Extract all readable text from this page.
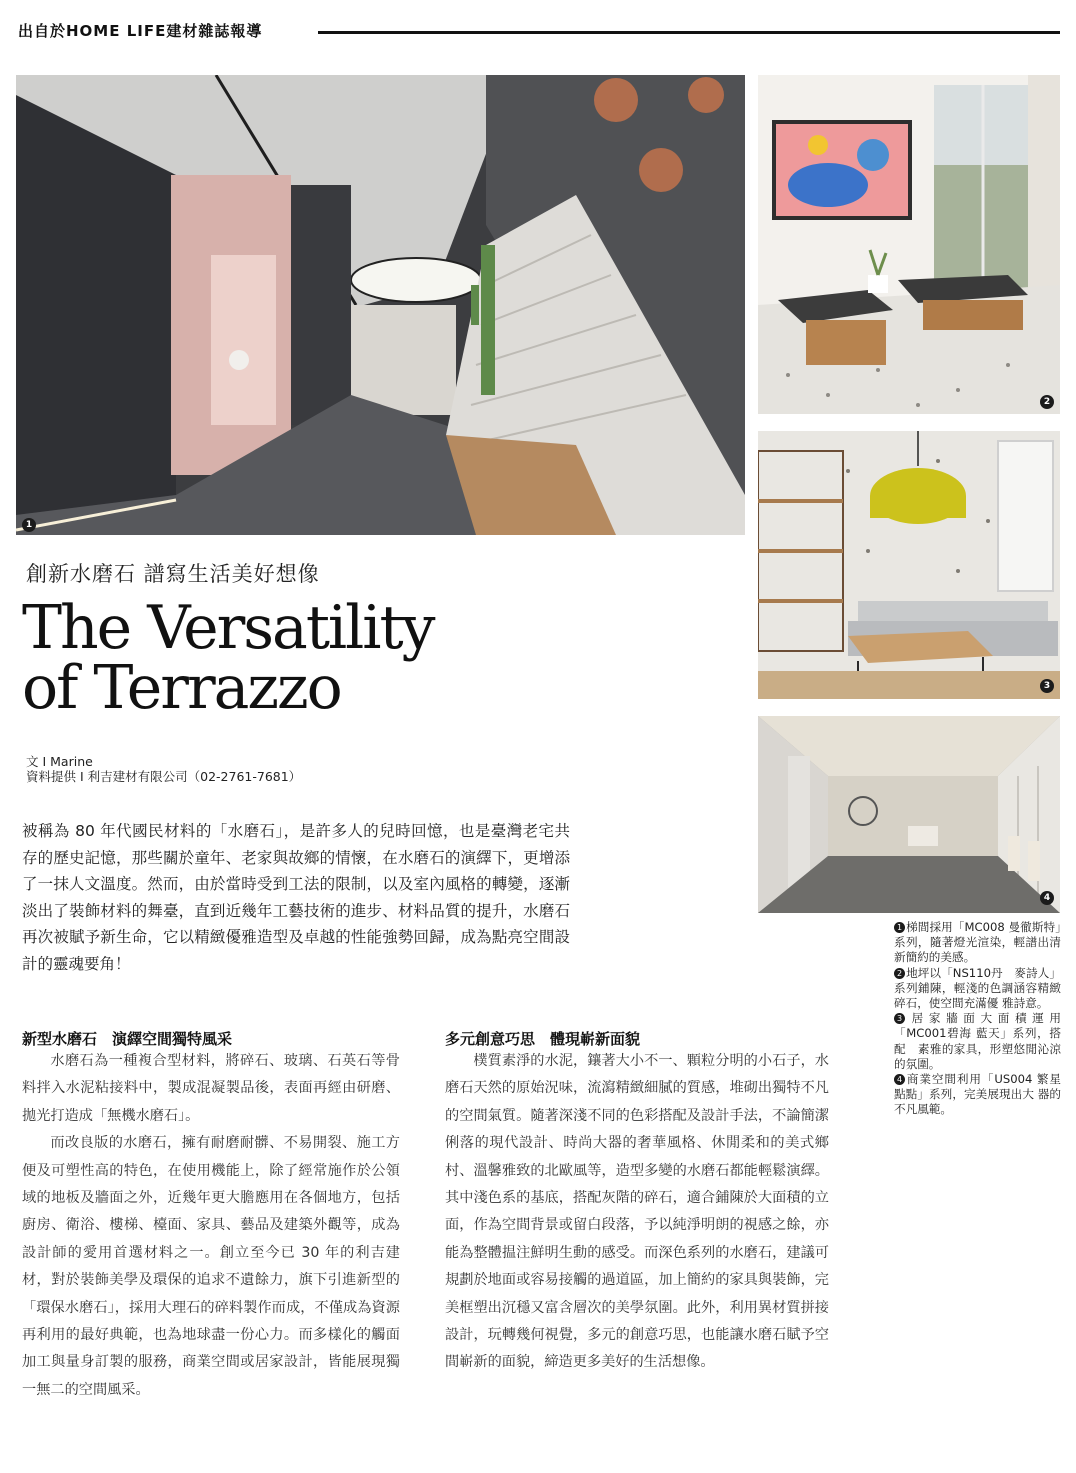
出自於HOME LIFE建材雜誌報導
1
2
3
4
創新水磨石 譜寫生活美好想像
The Versatility
of Terrazzo
文 I Marine
資料提供 I 利吉建材有限公司（02-2761-7681）
被稱為 80 年代國民材料的「水磨石」，是許多人的兒時回憶，也是臺灣老宅共存的歷史記憶，那些關於童年、老家與故鄉的情懷，在水磨石的演繹下，更增添了一抹人文溫度。然而，由於當時受到工法的限制，以及室內風格的轉變，逐漸淡出了裝飾材料的舞臺，直到近幾年工藝技術的進步、材料品質的提升，水磨石再次被賦予新生命，它以精緻優雅造型及卓越的性能強勢回歸，成為點亮空間設計的靈魂要角！
新型水磨石　演繹空間獨特風采

水磨石為一種複合型材料，將碎石、玻璃、石英石等骨料拌入水泥粘接料中，製成混凝製品後，表面再經由研磨、拋光打造成「無機水磨石」。

而改良版的水磨石，擁有耐磨耐髒、不易開裂、施工方便及可塑性高的特色，在使用機能上，除了經常施作於公領域的地板及牆面之外，近幾年更大膽應用在各個地方，包括廚房、衛浴、樓梯、檯面、家具、藝品及建築外觀等，成為設計師的愛用首選材料之一。創立至今已 30 年的利吉建材，對於裝飾美學及環保的追求不遺餘力，旗下引進新型的「環保水磨石」，採用大理石的碎料製作而成，不僅成為資源再利用的最好典範，也為地球盡一份心力。而多樣化的觸面加工與量身訂製的服務，商業空間或居家設計，皆能展現獨一無二的空間風采。

多元創意巧思　體現嶄新面貌

樸質素淨的水泥，鑲著大小不一、顆粒分明的小石子，水磨石天然的原始況味，流瀉精緻細膩的質感，堆砌出獨特不凡的空間氣質。隨著深淺不同的色彩搭配及設計手法，不論簡潔俐落的現代設計、時尚大器的奢華風格、休閒柔和的美式鄉村、溫馨雅致的北歐風等，造型多變的水磨石都能輕鬆演繹。其中淺色系的基底，搭配灰階的碎石，適合鋪陳於大面積的立面，作為空間背景或留白段落，予以純淨明朗的視感之餘，亦能為整體揾注鮮明生動的感受。而深色系列的水磨石，建議可規劃於地面或容易接觸的過道區，加上簡約的家具與裝飾，完美框塑出沉穩又富含層次的美學氛圍。此外，利用異材質拼接設計，玩轉幾何視覺，多元的創意巧思，也能讓水磨石賦予空間嶄新的面貌，締造更多美好的生活想像。

1 梯間採用「MC008 曼徹斯特」系列，隨著燈光渲染，輕譜出清新簡約的美感。
2 地坪以「NS110丹　麥詩人」系列鋪陳，輕淺的色調涵容精緻碎石，使空間充滿優 雅詩意。
3 居家牆面大面積運用「MC001碧海 藍天」系列，搭配　素雅的家具，形塑悠閒沁涼的氛圍。
4 商業空間利用「US004 繁星點點」系列，完美展現出大 器的不凡風範。
